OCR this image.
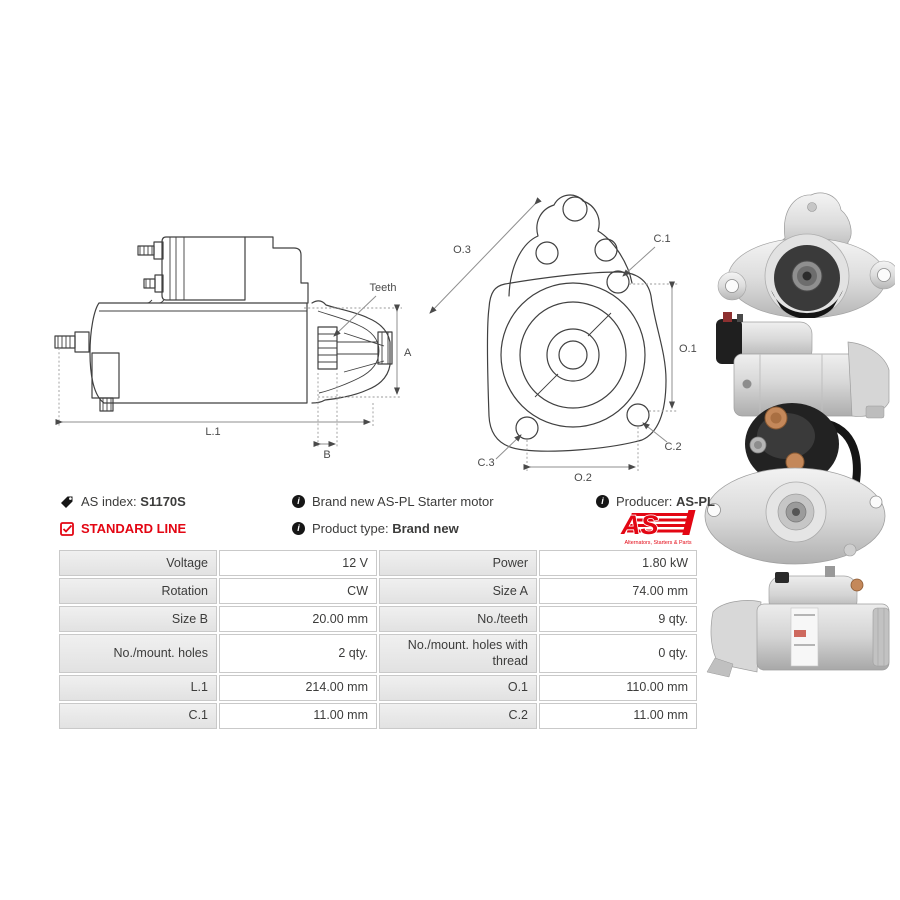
A
L.1
B
Teeth
O.3
C.1
O.1
C.2
C.3
O.2
AS index: S1170S	i Brand new AS-PL Starter motor	i Producer: AS-PL
STANDARD LINE	i Product type: Brand new	AS
Alternators, Starters & Parts
Voltage	12 V	Power	1.80 kW
Rotation	CW	Size A	74.00 mm
Size B	20.00 mm	No./teeth	9 qty.
No./mount. holes	2 qty.	No./mount. holes with thread	0 qty.
L.1	214.00 mm	O.1	110.00 mm
C.1	11.00 mm	C.2	11.00 mm
